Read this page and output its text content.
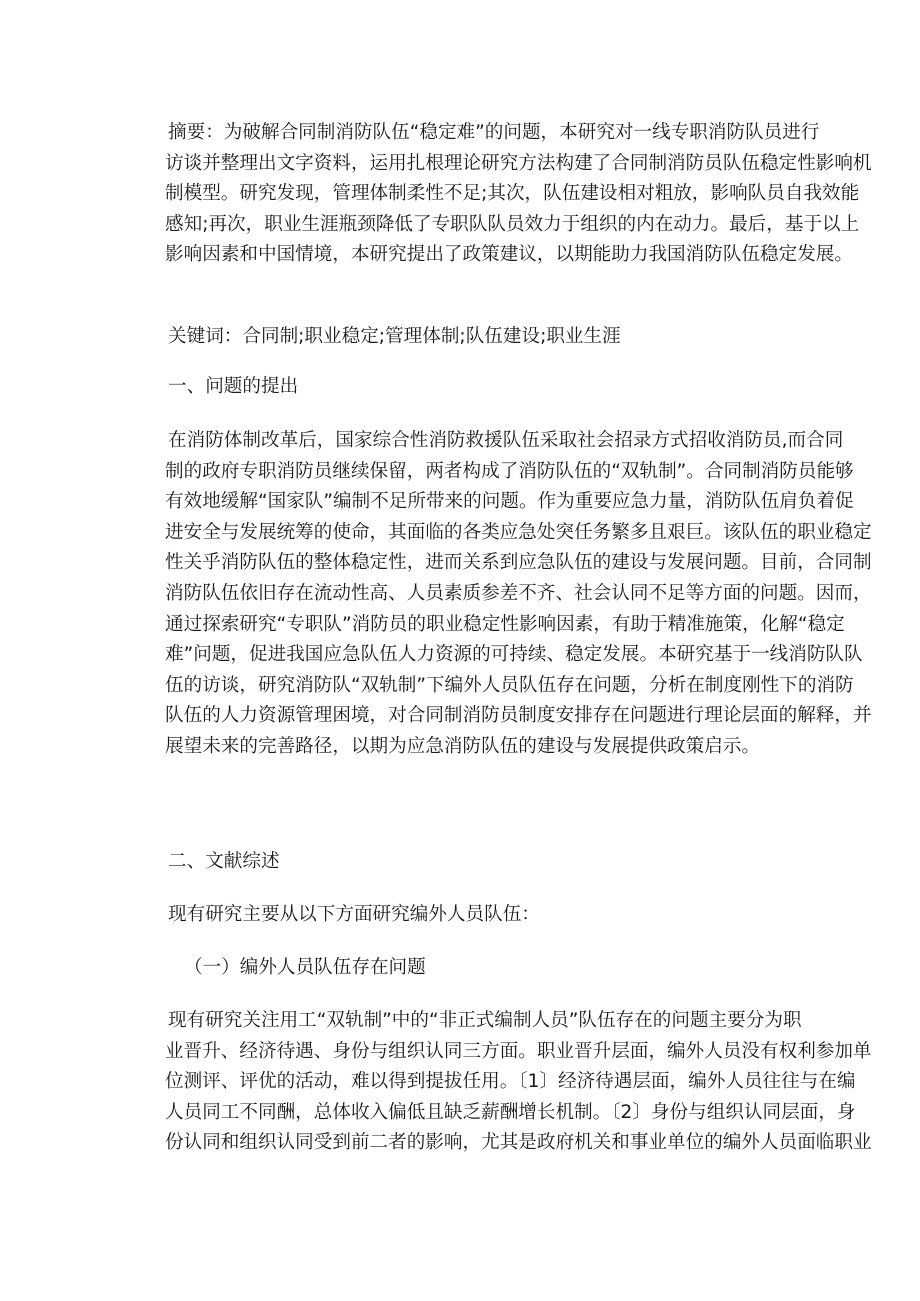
摘要：为破解合同制消防队伍“稳定难”的问题，本研究对一线专职消防队员进行
访谈并整理出文字资料，运用扎根理论研究方法构建了合同制消防员队伍稳定性影响机
制模型。研究发现，管理体制柔性不足;其次，队伍建设相对粗放，影响队员自我效能
感知;再次，职业生涯瓶颈降低了专职队队员效力于组织的内在动力。最后，基于以上
影响因素和中国情境，本研究提出了政策建议，以期能助力我国消防队伍稳定发展。
关键词：合同制;职业稳定;管理体制;队伍建设;职业生涯
一、问题的提出
在消防体制改革后，国家综合性消防救援队伍采取社会招录方式招收消防员,而合同
制的政府专职消防员继续保留，两者构成了消防队伍的“双轨制”。合同制消防员能够
有效地缓解“国家队”编制不足所带来的问题。作为重要应急力量，消防队伍肩负着促
进安全与发展统筹的使命，其面临的各类应急处突任务繁多且艰巨。该队伍的职业稳定
性关乎消防队伍的整体稳定性，进而关系到应急队伍的建设与发展问题。目前，合同制
消防队伍依旧存在流动性高、人员素质参差不齐、社会认同不足等方面的问题。因而，
通过探索研究“专职队”消防员的职业稳定性影响因素，有助于精准施策，化解“稳定
难”问题，促进我国应急队伍人力资源的可持续、稳定发展。本研究基于一线消防队队
伍的访谈，研究消防队“双轨制”下编外人员队伍存在问题，分析在制度刚性下的消防
队伍的人力资源管理困境，对合同制消防员制度安排存在问题进行理论层面的解释，并
展望未来的完善路径，以期为应急消防队伍的建设与发展提供政策启示。
二、文献综述
现有研究主要从以下方面研究编外人员队伍：
（一）编外人员队伍存在问题
现有研究关注用工“双轨制”中的“非正式编制人员”队伍存在的问题主要分为职
业晋升、经济待遇、身份与组织认同三方面。职业晋升层面，编外人员没有权利参加单
位测评、评优的活动，难以得到提拔任用。〔1〕经济待遇层面，编外人员往往与在编
人员同工不同酬，总体收入偏低且缺乏薪酬增长机制。〔2〕身份与组织认同层面，身
份认同和组织认同受到前二者的影响，尤其是政府机关和事业单位的编外人员面临职业
